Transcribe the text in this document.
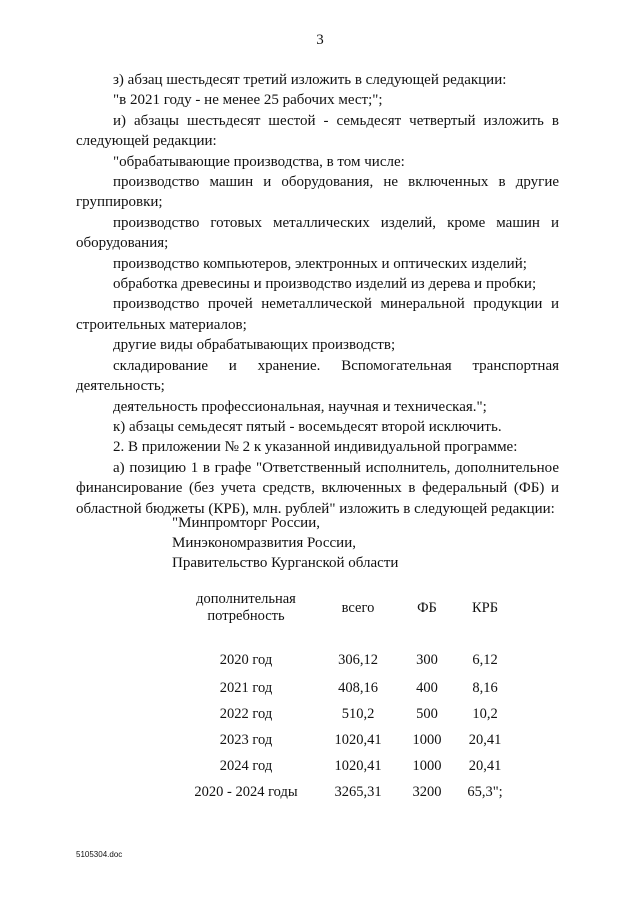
3

з) абзац шестьдесят третий изложить в следующей редакции:

"в 2021 году - не менее 25 рабочих мест;";

и) абзацы шестьдесят шестой - семьдесят четвертый изложить в следующей редакции:

"обрабатывающие производства, в том числе:

производство машин и оборудования, не включенных в другие группировки;

производство готовых металлических изделий, кроме машин и оборудования;

производство компьютеров, электронных и оптических изделий;

обработка древесины и производство изделий из дерева и пробки;

производство прочей неметаллической минеральной продукции и строительных материалов;

другие виды обрабатывающих производств;

складирование и хранение. Вспомогательная транспортная деятельность;

деятельность профессиональная, научная и техническая.";

к) абзацы семьдесят пятый - восемьдесят второй исключить.

2. В приложении № 2 к указанной индивидуальной программе:

а) позицию 1 в графе "Ответственный исполнитель, дополнительное финансирование (без учета средств, включенных в федеральный (ФБ) и областной бюджеты (КРБ), млн. рублей" изложить в следующей редакции:

"Минпромторг России,
Минэкономразвития России,
Правительство Курганской области
дополнительная потребность	всего	ФБ	КРБ
2020 год	306,12	300	6,12
2021 год	408,16	400	8,16
2022 год	510,2	500	10,2
2023 год	1020,41	1000	20,41
2024 год	1020,41	1000	20,41
2020 - 2024 годы	3265,31	3200	65,3";
5105304.doc
